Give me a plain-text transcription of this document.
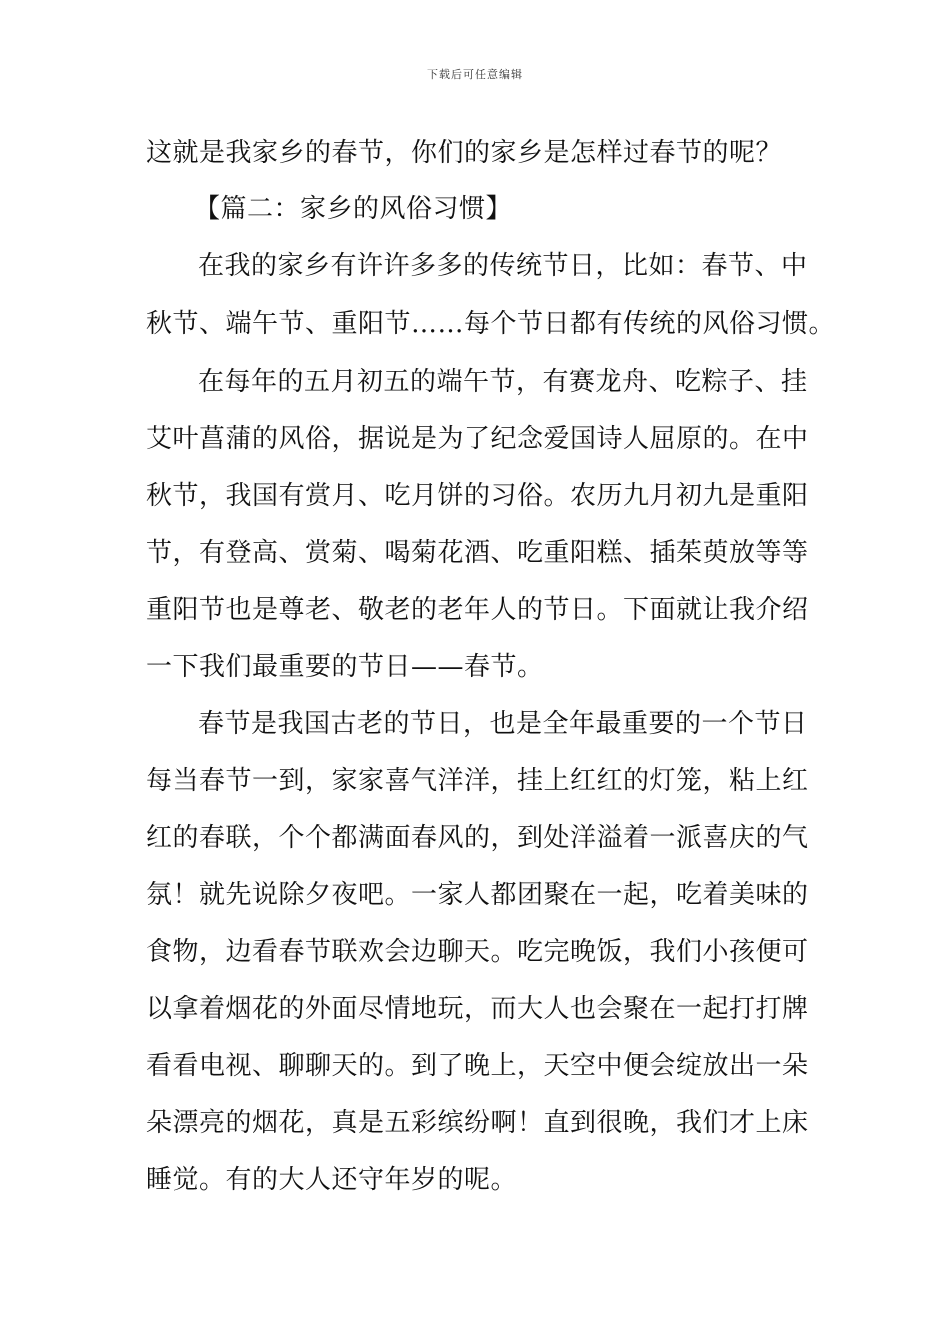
下载后可任意编辑
这就是我家乡的春节，你们的家乡是怎样过春节的呢？
【篇二：家乡的风俗习惯】
在我的家乡有许许多多的传统节日，比如：春节、中
秋节、端午节、重阳节……每个节日都有传统的风俗习惯。
在每年的五月初五的端午节，有赛龙舟、吃粽子、挂
艾叶菖蒲的风俗，据说是为了纪念爱国诗人屈原的。在中
秋节，我国有赏月、吃月饼的习俗。农历九月初九是重阳
节，有登高、赏菊、喝菊花酒、吃重阳糕、插茱萸放等等
重阳节也是尊老、敬老的老年人的节日。下面就让我介绍
一下我们最重要的节日——春节。
春节是我国古老的节日，也是全年最重要的一个节日
每当春节一到，家家喜气洋洋，挂上红红的灯笼，粘上红
红的春联，个个都满面春风的，到处洋溢着一派喜庆的气
氛！就先说除夕夜吧。一家人都团聚在一起，吃着美味的
食物，边看春节联欢会边聊天。吃完晚饭，我们小孩便可
以拿着烟花的外面尽情地玩，而大人也会聚在一起打打牌
看看电视、聊聊天的。到了晚上，天空中便会绽放出一朵
朵漂亮的烟花，真是五彩缤纷啊！直到很晚，我们才上床
睡觉。有的大人还守年岁的呢。
